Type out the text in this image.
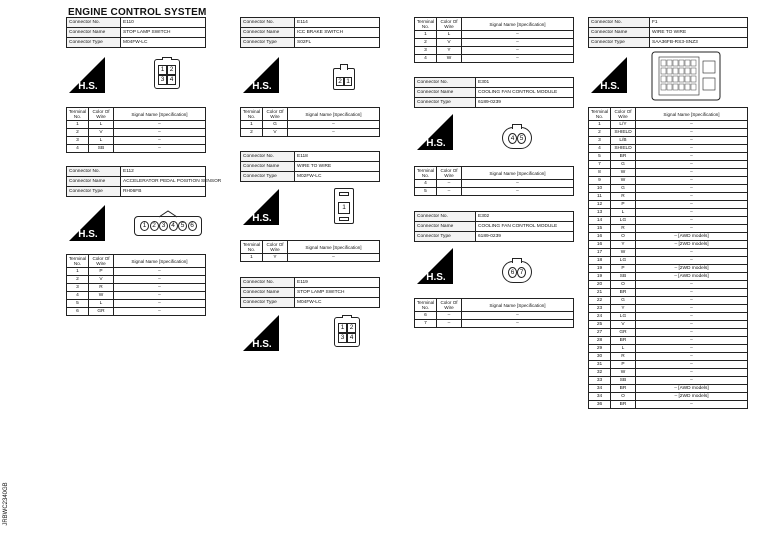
ENGINE CONTROL SYSTEM
JRBWC2340GB
Connector No.	E110
Connector Name	STOP LAMP SWITCH
Connector Type	M04FW-LC
H.S.
1 2
3 4
Terminal No.	Color Of Wire	Signal Name [Specification]
1	L	–
2	V	–
3	L	–
4	SB	–
Connector No.	E112
Connector Name	ACCELERATOR PEDAL POSITION SENSOR
Connector Type	RH06FB
H.S.
1 2 3 4 5 6
Terminal No.	Color Of Wire	Signal Name [Specification]
1	P	–
2	V	–
3	R	–
4	W	–
5	L	–
6	GR	–
Connector No.	E114
Connector Name	ICC BRAKE SWITCH
Connector Type	S02FL
H.S.	2 1
Terminal No.	Color Of Wire	Signal Name [Specification]
1	G	–
2	V	–
Connector No.	E118
Connector Name	WIRE TO WIRE
Connector Type	M02FW-LC
H.S.
1
Terminal No.	Color Of Wire	Signal Name [Specification]
1	Y	–
Connector No.	E119
Connector Name	STOP LAMP SWITCH
Connector Type	M04FW-LC
H.S.
1 2
3 4
Terminal No.	Color Of Wire	Signal Name [Specification]
1	L	–
2	V	–
3	Y	–
4	W	–
Connector No.	E301
Connector Name	COOLING FAN CONTROL MODULE
Connector Type	6189-0239
H.S.	4 5
Terminal No.	Color Of Wire	Signal Name [Specification]
4	–	–
5	–	–
Connector No.	E302
Connector Name	COOLING FAN CONTROL MODULE
Connector Type	6189-0239
H.S.	6 7
Terminal No.	Color Of Wire	Signal Name [Specification]
6	–	–
7	–	–
Connector No.	F1
Connector Name	WIRE TO WIRE
Connector Type	SAA36FB-RS3-SNZ3
H.S.
Terminal No.	Color Of Wire	Signal Name [Specification]
1	L/Y	–
2	SHIELD	–
3	L/B	–
4	SHIELD	–
5	BR	–
7	G	–
8	W	–
9	W	–
10	G	–
11	R	–
12	P	–
13	L	–
14	LG	–
15	R	–
16	O	– [AWD models]
16	Y	– [2WD models]
17	W	–
18	LG	–
19	P	– [2WD models]
19	SB	– [AWD models]
20	O	–
21	BR	–
22	G	–
23	Y	–
24	LG	–
25	V	–
27	GR	–
28	BR	–
29	L	–
30	R	–
31	P	–
32	W	–
33	SB	–
34	BR	– [AWD models]
34	O	– [2WD models]
36	BR	–
